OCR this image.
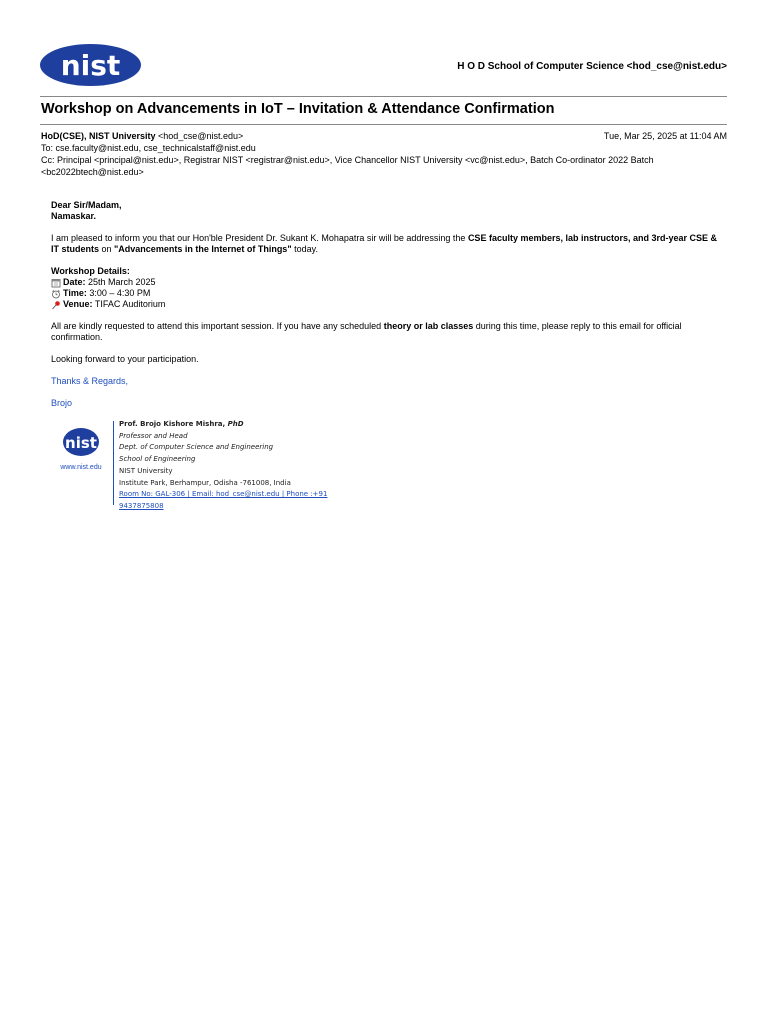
nist	H O D School of Computer Science <hod_cse@nist.edu>
Workshop on Advancements in IoT – Invitation & Attendance Confirmation
HoD(CSE), NIST University <hod_cse@nist.edu>	Tue, Mar 25, 2025 at 11:04 AM
To: cse.faculty@nist.edu, cse_technicalstaff@nist.edu
Cc: Principal <principal@nist.edu>, Registrar NIST <registrar@nist.edu>, Vice Chancellor NIST University <vc@nist.edu>, Batch Co-ordinator 2022 Batch
<bc2022btech@nist.edu>

Dear Sir/Madam,
Namaskar.

I am pleased to inform you that our Hon'ble President Dr. Sukant K. Mohapatra sir will be addressing the CSE faculty members, lab instructors, and 3rd-year CSE & IT students on "Advancements in the Internet of Things" today.

Workshop Details:
Date: 25th March 2025
Time: 3:00 – 4:30 PM
Venue: TIFAC Auditorium

All are kindly requested to attend this important session. If you have any scheduled theory or lab classes during this time, please reply to this email for official confirmation.

Looking forward to your participation.

Thanks & Regards,

Brojo

nist
www.nist.edu
Prof. Brojo Kishore Mishra, PhD
Professor and Head
Dept. of Computer Science and Engineering
School of Engineering
NIST University
Institute Park, Berhampur, Odisha -761008, India
Room No: GAL-306 | Email: hod_cse@nist.edu | Phone :+91 9437875808
